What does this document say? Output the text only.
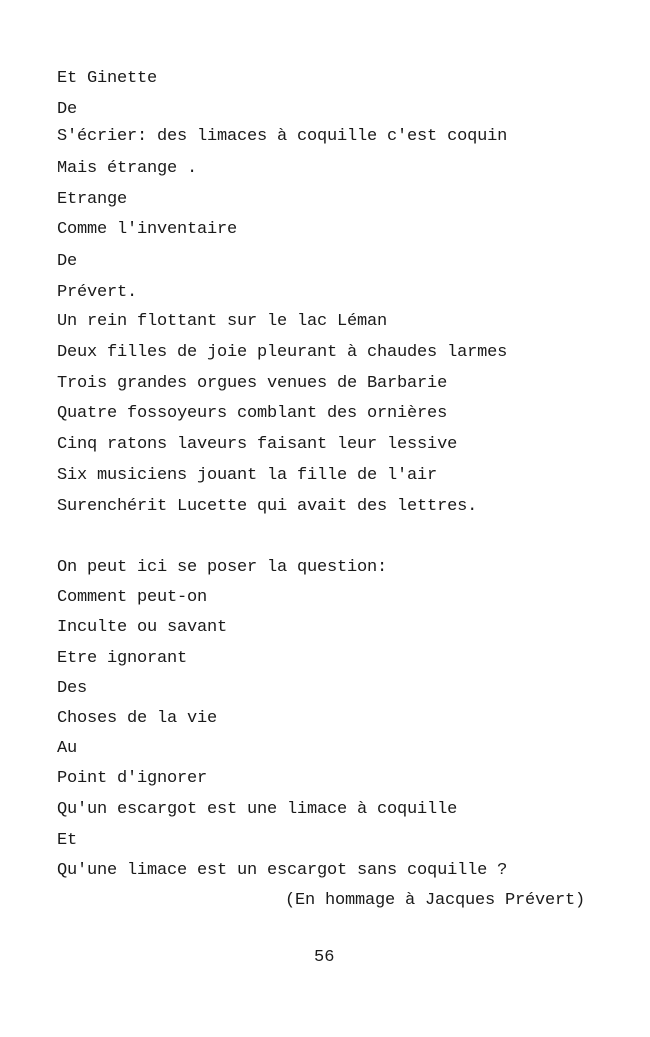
Et Ginette

De

S'écrier: des limaces à coquille c'est coquin

Mais étrange .

Etrange

Comme l'inventaire

De

Prévert.

Un rein flottant sur le lac Léman

Deux filles de joie pleurant à chaudes larmes

Trois grandes orgues venues de Barbarie

Quatre fossoyeurs comblant des ornières

Cinq ratons laveurs faisant leur lessive

Six musiciens jouant la fille de l'air

Surenchérit Lucette qui avait des lettres.

On peut ici se poser la question:

Comment peut-on

Inculte ou savant

Etre ignorant

Des

Choses de la vie

Au

Point d'ignorer

Qu'un escargot est une limace à coquille

Et

Qu'une limace est un escargot sans coquille ?

(En hommage à Jacques Prévert)
56
